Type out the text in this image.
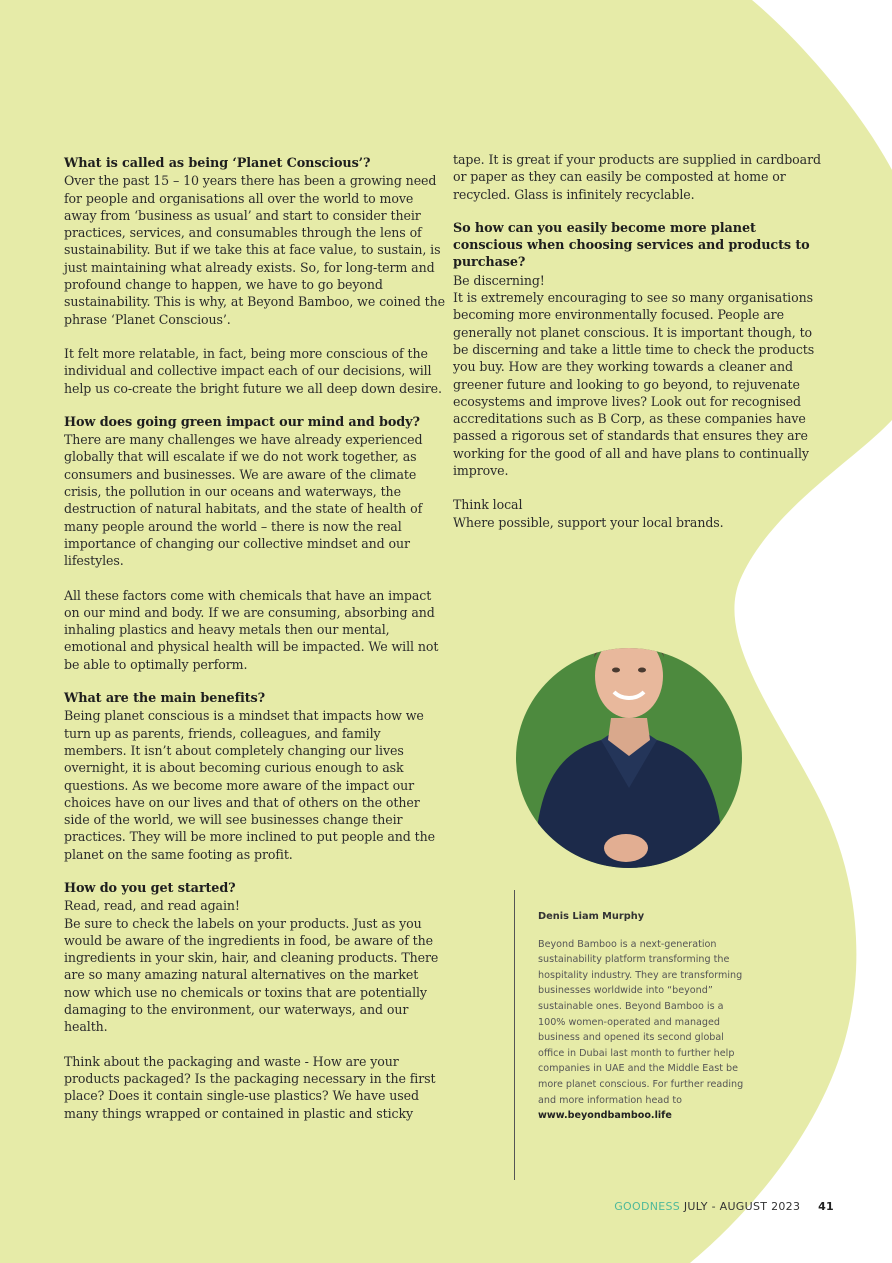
What is called as being ‘Planet Conscious’?

Over the past 15 – 10 years there has been a growing need for people and organisations all over the world to move away from ‘business as usual’ and start to consider their practices, services, and consumables through the lens of sustainability. But if we take this at face value, to sustain, is just maintaining what already exists. So, for long-term and profound change to happen, we have to go beyond sustainability. This is why, at Beyond Bamboo, we coined the phrase ‘Planet Conscious’.

It felt more relatable, in fact, being more conscious of the individual and collective impact each of our decisions, will help us co-create the bright future we all deep down desire.

How does going green impact our mind and body?

There are many challenges we have already experienced globally that will escalate if we do not work together, as consumers and businesses. We are aware of the climate crisis, the pollution in our oceans and waterways, the destruction of natural habitats, and the state of health of many people around the world – there is now the real importance of changing our collective mindset and our lifestyles.

All these factors come with chemicals that have an impact on our mind and body. If we are consuming, absorbing and inhaling plastics and heavy metals then our mental, emotional and physical health will be impacted. We will not be able to optimally perform.

What are the main benefits?

Being planet conscious is a mindset that impacts how we turn up as parents, friends, colleagues, and family members. It isn’t about completely changing our lives overnight, it is about becoming curious enough to ask questions. As we become more aware of the impact our choices have on our lives and that of others on the other side of the world, we will see businesses change their practices. They will be more inclined to put people and the planet on the same footing as profit.

How do you get started?

Read, read, and read again!

Be sure to check the labels on your products. Just as you would be aware of the ingredients in food, be aware of the ingredients in your skin, hair, and cleaning products. There are so many amazing natural alternatives on the market now which use no chemicals or toxins that are potentially damaging to the environment, our waterways, and our health.

Think about the packaging and waste - How are your products packaged? Is the packaging necessary in the first place? Does it contain single-use plastics? We have used many things wrapped or contained in plastic and sticky

tape. It is great if your products are supplied in cardboard or paper as they can easily be composted at home or recycled. Glass is infinitely recyclable.

So how can you easily become more planet conscious when choosing services and products to purchase?

Be discerning!

It is extremely encouraging to see so many organisations becoming more environmentally focused. People are generally not planet conscious. It is important though, to be discerning and take a little time to check the products you buy. How are they working towards a cleaner and greener future and looking to go beyond, to rejuvenate ecosystems and improve lives? Look out for recognised accreditations such as B Corp, as these companies have passed a rigorous set of standards that ensures they are working for the good of all and have plans to continually improve.

Think local

Where possible, support your local brands.

Denis Liam Murphy
Beyond Bamboo is a next-generation sustainability platform transforming the hospitality industry. They are transforming businesses worldwide into “beyond” sustainable ones. Beyond Bamboo is a 100% women-operated and managed business and opened its second global office in Dubai last month to further help companies in UAE and the Middle East be more planet conscious. For further reading and more information head to www.beyondbamboo.life
GOODNESS JULY - AUGUST 2023 41
